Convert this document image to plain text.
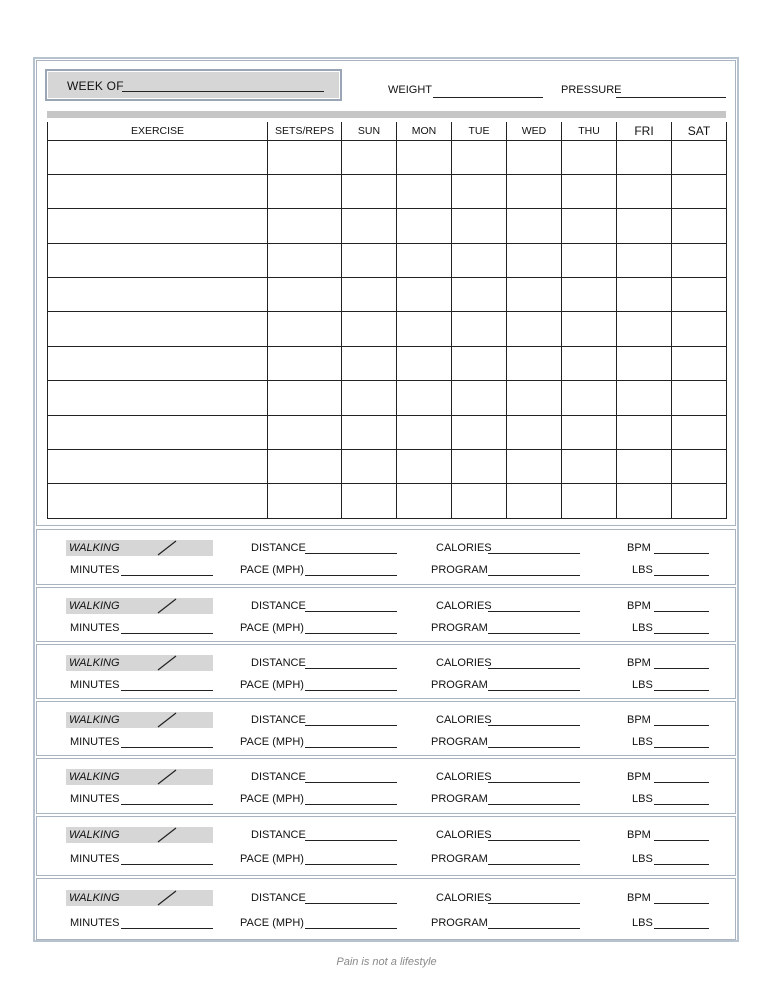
WEEK OF	WEIGHT	PRESSURE
EXERCISE	SETS/REPS	SUN	MON	TUE	WED	THU	FRI	SAT

WALKING	DISTANCE	CALORIES	BPM
MINUTES	PACE (MPH)	PROGRAM	LBS
WALKING	DISTANCE	CALORIES	BPM
MINUTES	PACE (MPH)	PROGRAM	LBS
WALKING	DISTANCE	CALORIES	BPM
MINUTES	PACE (MPH)	PROGRAM	LBS
WALKING	DISTANCE	CALORIES	BPM
MINUTES	PACE (MPH)	PROGRAM	LBS
WALKING	DISTANCE	CALORIES	BPM
MINUTES	PACE (MPH)	PROGRAM	LBS
WALKING	DISTANCE	CALORIES	BPM
MINUTES	PACE (MPH)	PROGRAM	LBS
WALKING	DISTANCE	CALORIES	BPM
MINUTES	PACE (MPH)	PROGRAM	LBS
Pain is not a lifestyle
